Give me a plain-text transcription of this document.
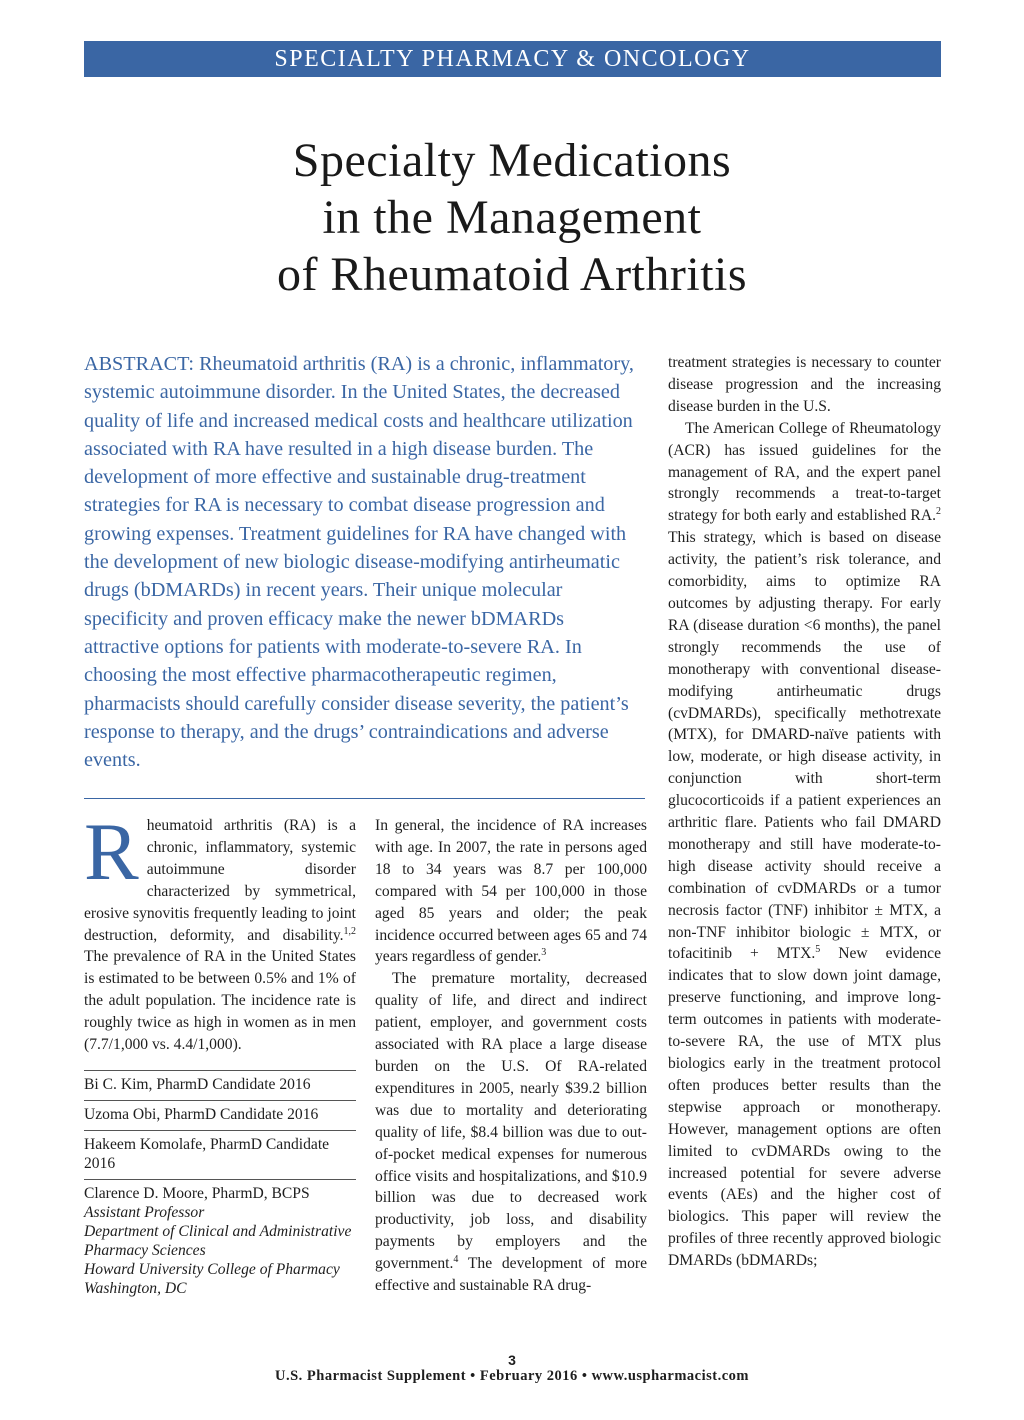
SPECIALTY PHARMACY & ONCOLOGY
Specialty Medications
in the Management
of Rheumatoid Arthritis

ABSTRACT: Rheumatoid arthritis (RA) is a chronic, inflammatory, systemic autoimmune disorder. In the United States, the decreased quality of life and increased medical costs and healthcare utilization associated with RA have resulted in a high disease burden. The development of more effective and sustainable drug-treatment strategies for RA is necessary to combat disease progression and growing expenses. Treatment guidelines for RA have changed with the development of new biologic disease-modifying antirheumatic drugs (bDMARDs) in recent years. Their unique molecular specificity and proven efficacy make the newer bDMARDs attractive options for patients with moderate-to-severe RA. In choosing the most effective pharmacotherapeutic regimen, pharmacists should carefully consider disease severity, the patient’s response to therapy, and the drugs’ contraindications and adverse events.

Rheumatoid arthritis (RA) is a chronic, inflammatory, systemic autoimmune disorder characterized by symmetrical, erosive synovitis frequently leading to joint destruction, deformity, and disability.$^{1,2}$ The prevalence of RA in the United States is estimated to be between 0.5% and 1% of the adult population. The incidence rate is roughly twice as high in women as in men (7.7/1,000 vs. 4.4/1,000).

Bi C. Kim, PharmD Candidate 2016
Uzoma Obi, PharmD Candidate 2016
Hakeem Komolafe, PharmD Candidate 2016
Clarence D. Moore, PharmD, BCPS
Assistant Professor
Department of Clinical and Administrative Pharmacy Sciences
Howard University College of Pharmacy
Washington, DC

In general, the incidence of RA increases with age. In 2007, the rate in persons aged 18 to 34 years was 8.7 per 100,000 compared with 54 per 100,000 in those aged 85 years and older; the peak incidence occurred between ages 65 and 74 years regardless of gender.$^3$

The premature mortality, decreased quality of life, and direct and indirect patient, employer, and government costs associated with RA place a large disease burden on the U.S. Of RA-related expenditures in 2005, nearly $39.2 billion was due to mortality and deteriorating quality of life, $8.4 billion was due to out-of-pocket medical expenses for numerous office visits and hospitalizations, and $10.9 billion was due to decreased work productivity, job loss, and disability payments by employers and the government.$^4$ The development of more effective and sustainable RA drug-

treatment strategies is necessary to counter disease progression and the increasing disease burden in the U.S.

The American College of Rheumatology (ACR) has issued guidelines for the management of RA, and the expert panel strongly recommends a treat-to-target strategy for both early and established RA.$^2$ This strategy, which is based on disease activity, the patient’s risk tolerance, and comorbidity, aims to optimize RA outcomes by adjusting therapy. For early RA (disease duration <6 months), the panel strongly recommends the use of monotherapy with conventional disease-modifying antirheumatic drugs (cvDMARDs), specifically methotrexate (MTX), for DMARD-naïve patients with low, moderate, or high disease activity, in conjunction with short-term glucocorticoids if a patient experiences an arthritic flare. Patients who fail DMARD monotherapy and still have moderate-to-high disease activity should receive a combination of cvDMARDs or a tumor necrosis factor (TNF) inhibitor ± MTX, a non-TNF inhibitor biologic ± MTX, or tofacitinib + MTX.$^5$ New evidence indicates that to slow down joint damage, preserve functioning, and improve long-term outcomes in patients with moderate-to-severe RA, the use of MTX plus biologics early in the treatment protocol often produces better results than the stepwise approach or monotherapy. However, management options are often limited to cvDMARDs owing to the increased potential for severe adverse events (AEs) and the higher cost of biologics. This paper will review the profiles of three recently approved biologic DMARDs (bDMARDs;

3
U.S. Pharmacist Supplement • February 2016 • www.uspharmacist.com
